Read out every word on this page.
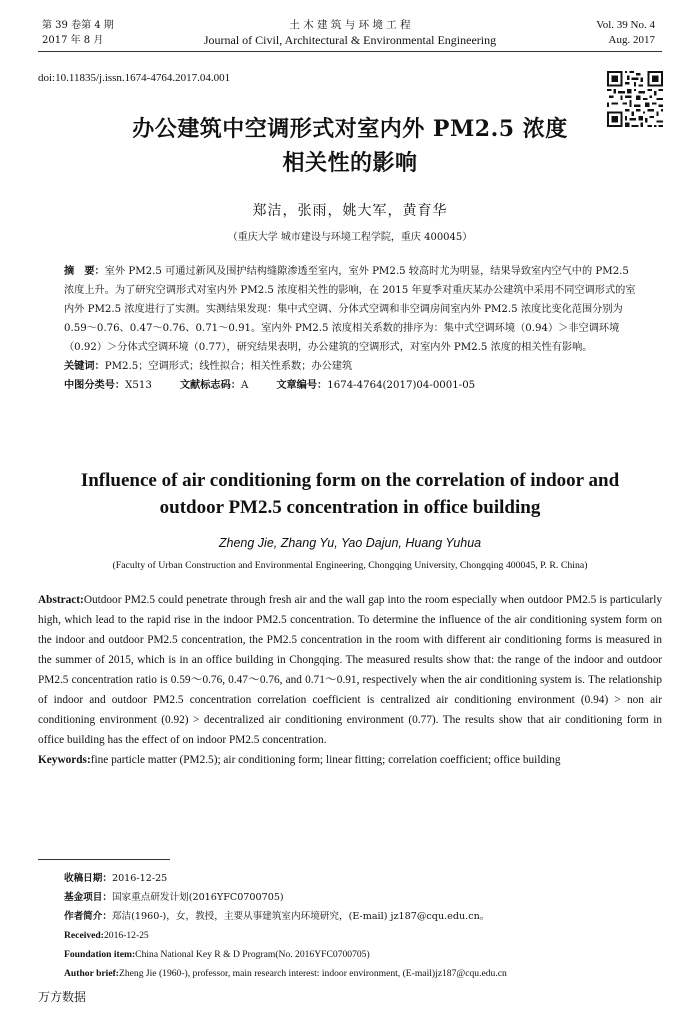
第 39 卷第 4 期
2017 年 8 月
土 木 建 筑 与 环 境 工 程
Journal of Civil, Architectural & Environmental Engineering
Vol. 39 No. 4
Aug. 2017
doi:10.11835/j.issn.1674-4764.2017.04.001
办公建筑中空调形式对室内外 PM2.5 浓度
相关性的影响
郑洁，张雨，姚大军，黄育华
（重庆大学 城市建设与环境工程学院，重庆 400045）
摘　要：室外 PM2.5 可通过新风及围护结构缝隙渗透至室内，室外 PM2.5 较高时尤为明显，结果导致室内空气中的 PM2.5 浓度上升。为了研究空调形式对室内外 PM2.5 浓度相关性的影响，在 2015 年夏季对重庆某办公建筑中采用不同空调形式的室内外 PM2.5 浓度进行了实测。实测结果发现：集中式空调、分体式空调和非空调房间室内外 PM2.5 浓度比变化范围分别为 0.59～0.76、0.47～0.76、0.71～0.91。室内外 PM2.5 浓度相关系数的排序为：集中式空调环境（0.94）＞非空调环境（0.92）＞分体式空调环境（0.77），研究结果表明，办公建筑的空调形式，对室内外 PM2.5 浓度的相关性有影响。
关键词：PM2.5；空调形式；线性拟合；相关性系数；办公建筑
中图分类号：X513	文献标志码：A	文章编号：1674-4764(2017)04-0001-05
Influence of air conditioning form on the correlation of indoor and
outdoor PM2.5 concentration in office building
Zheng Jie, Zhang Yu, Yao Dajun, Huang Yuhua
(Faculty of Urban Construction and Environmental Engineering, Chongqing University, Chongqing 400045, P. R. China)
Abstract:Outdoor PM2.5 could penetrate through fresh air and the wall gap into the room especially when outdoor PM2.5 is particularly high, which lead to the rapid rise in the indoor PM2.5 concentration. To determine the influence of the air conditioning system form on the indoor and outdoor PM2.5 concentration, the PM2.5 concentration in the room with different air conditioning forms is measured in the summer of 2015, which is in an office building in Chongqing. The measured results show that: the range of the indoor and outdoor PM2.5 concentration ratio is 0.59～0.76, 0.47～0.76, and 0.71～0.91, respectively when the air conditioning system is. The relationship of indoor and outdoor PM2.5 concentration correlation coefficient is centralized air conditioning environment (0.94) > non air conditioning environment (0.92) > decentralized air conditioning environment (0.77). The results show that air conditioning form in office building has the effect of on indoor PM2.5 concentration.
Keywords:fine particle matter (PM2.5); air conditioning form; linear fitting; correlation coefficient; office building
收稿日期：2016-12-25
基金项目：国家重点研发计划(2016YFC0700705)
作者简介：郑洁(1960-)，女，教授，主要从事建筑室内环境研究，(E-mail) jz187@cqu.edu.cn。
Received:2016-12-25
Foundation item:China National Key R & D Program(No. 2016YFC0700705)
Author brief:Zheng Jie (1960-), professor, main research interest: indoor environment, (E-mail)jz187@cqu.edu.cn
万方数据
